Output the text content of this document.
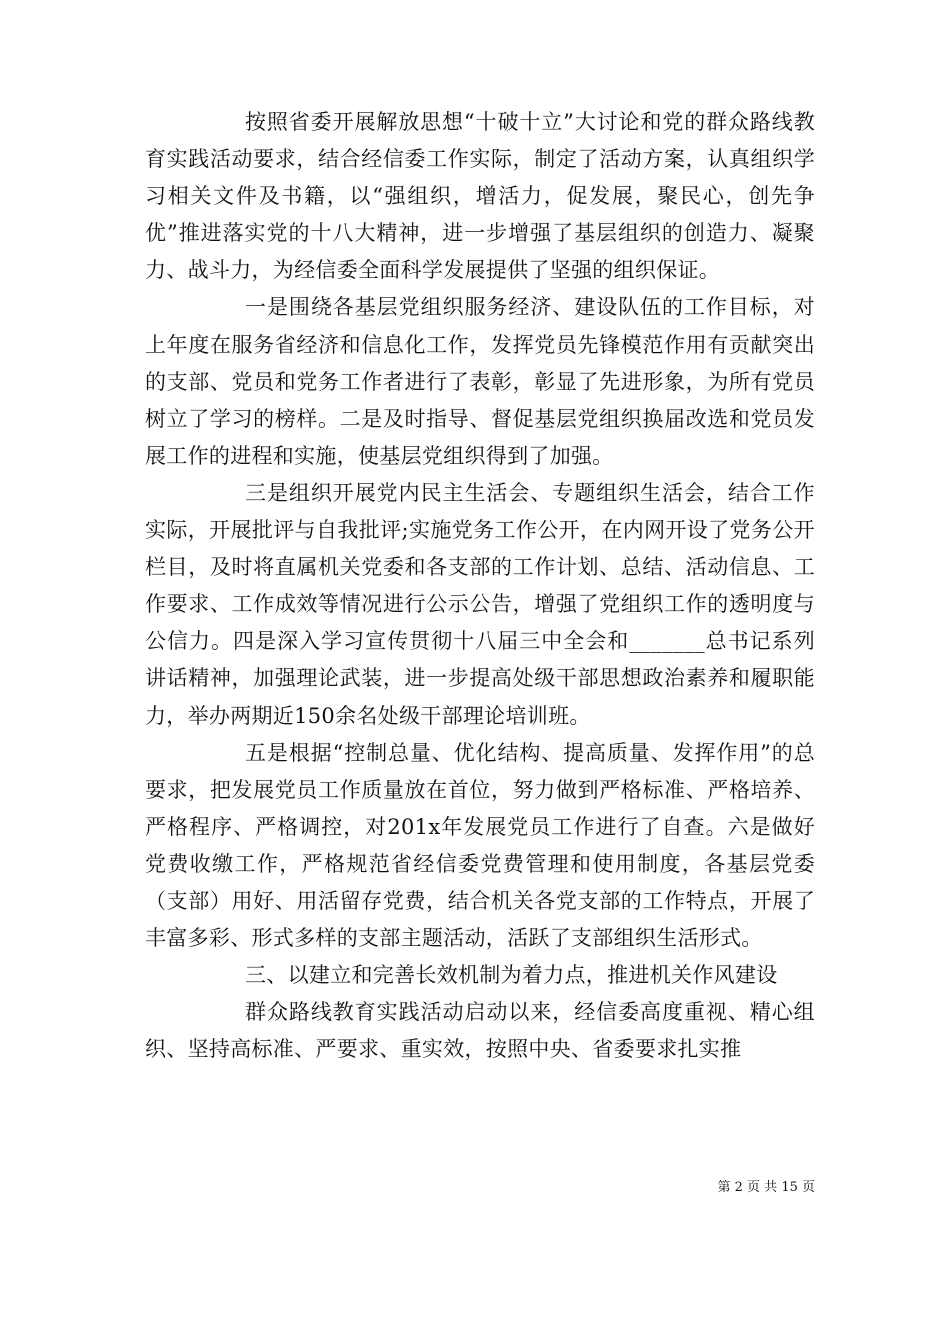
按照省委开展解放思想“十破十立”大讨论和党的群众路线教育实践活动要求，结合经信委工作实际，制定了活动方案，认真组织学习相关文件及书籍，以“强组织，增活力，促发展，聚民心，创先争优”推进落实党的十八大精神，进一步增强了基层组织的创造力、凝聚力、战斗力，为经信委全面科学发展提供了坚强的组织保证。

一是围绕各基层党组织服务经济、建设队伍的工作目标，对上年度在服务省经济和信息化工作，发挥党员先锋模范作用有贡献突出的支部、党员和党务工作者进行了表彰，彰显了先进形象，为所有党员树立了学习的榜样。二是及时指导、督促基层党组织换届改选和党员发展工作的进程和实施，使基层党组织得到了加强。

三是组织开展党内民主生活会、专题组织生活会，结合工作实际，开展批评与自我批评;实施党务工作公开，在内网开设了党务公开栏目，及时将直属机关党委和各支部的工作计划、总结、活动信息、工作要求、工作成效等情况进行公示公告，增强了党组织工作的透明度与公信力。四是深入学习宣传贯彻十八届三中全会和_______总书记系列讲话精神，加强理论武装，进一步提高处级干部思想政治素养和履职能力，举办两期近150余名处级干部理论培训班。

五是根据“控制总量、优化结构、提高质量、发挥作用”的总要求，把发展党员工作质量放在首位，努力做到严格标准、严格培养、严格程序、严格调控，对201x年发展党员工作进行了自查。六是做好党费收缴工作，严格规范省经信委党费管理和使用制度，各基层党委（支部）用好、用活留存党费，结合机关各党支部的工作特点，开展了丰富多彩、形式多样的支部主题活动，活跃了支部组织生活形式。

三、以建立和完善长效机制为着力点，推进机关作风建设

群众路线教育实践活动启动以来，经信委高度重视、精心组织、坚持高标准、严要求、重实效，按照中央、省委要求扎实推

第 2 页 共 15 页
